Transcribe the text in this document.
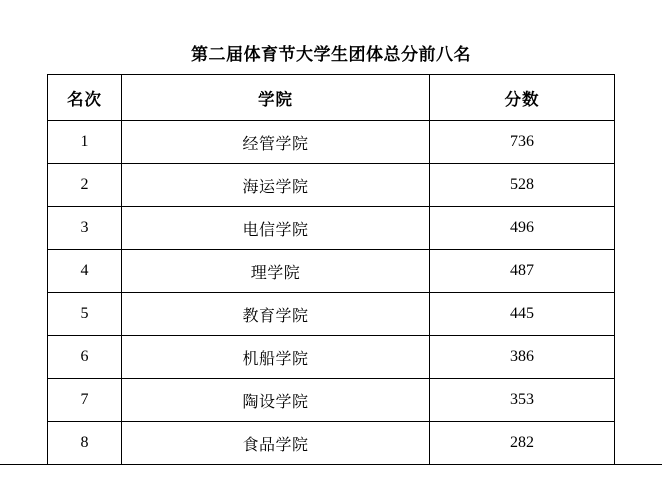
第二届体育节大学生团体总分前八名
名次	学院	分数
1	经管学院	736
2	海运学院	528
3	电信学院	496
4	理学院	487
5	教育学院	445
6	机船学院	386
7	陶设学院	353
8	食品学院	282
